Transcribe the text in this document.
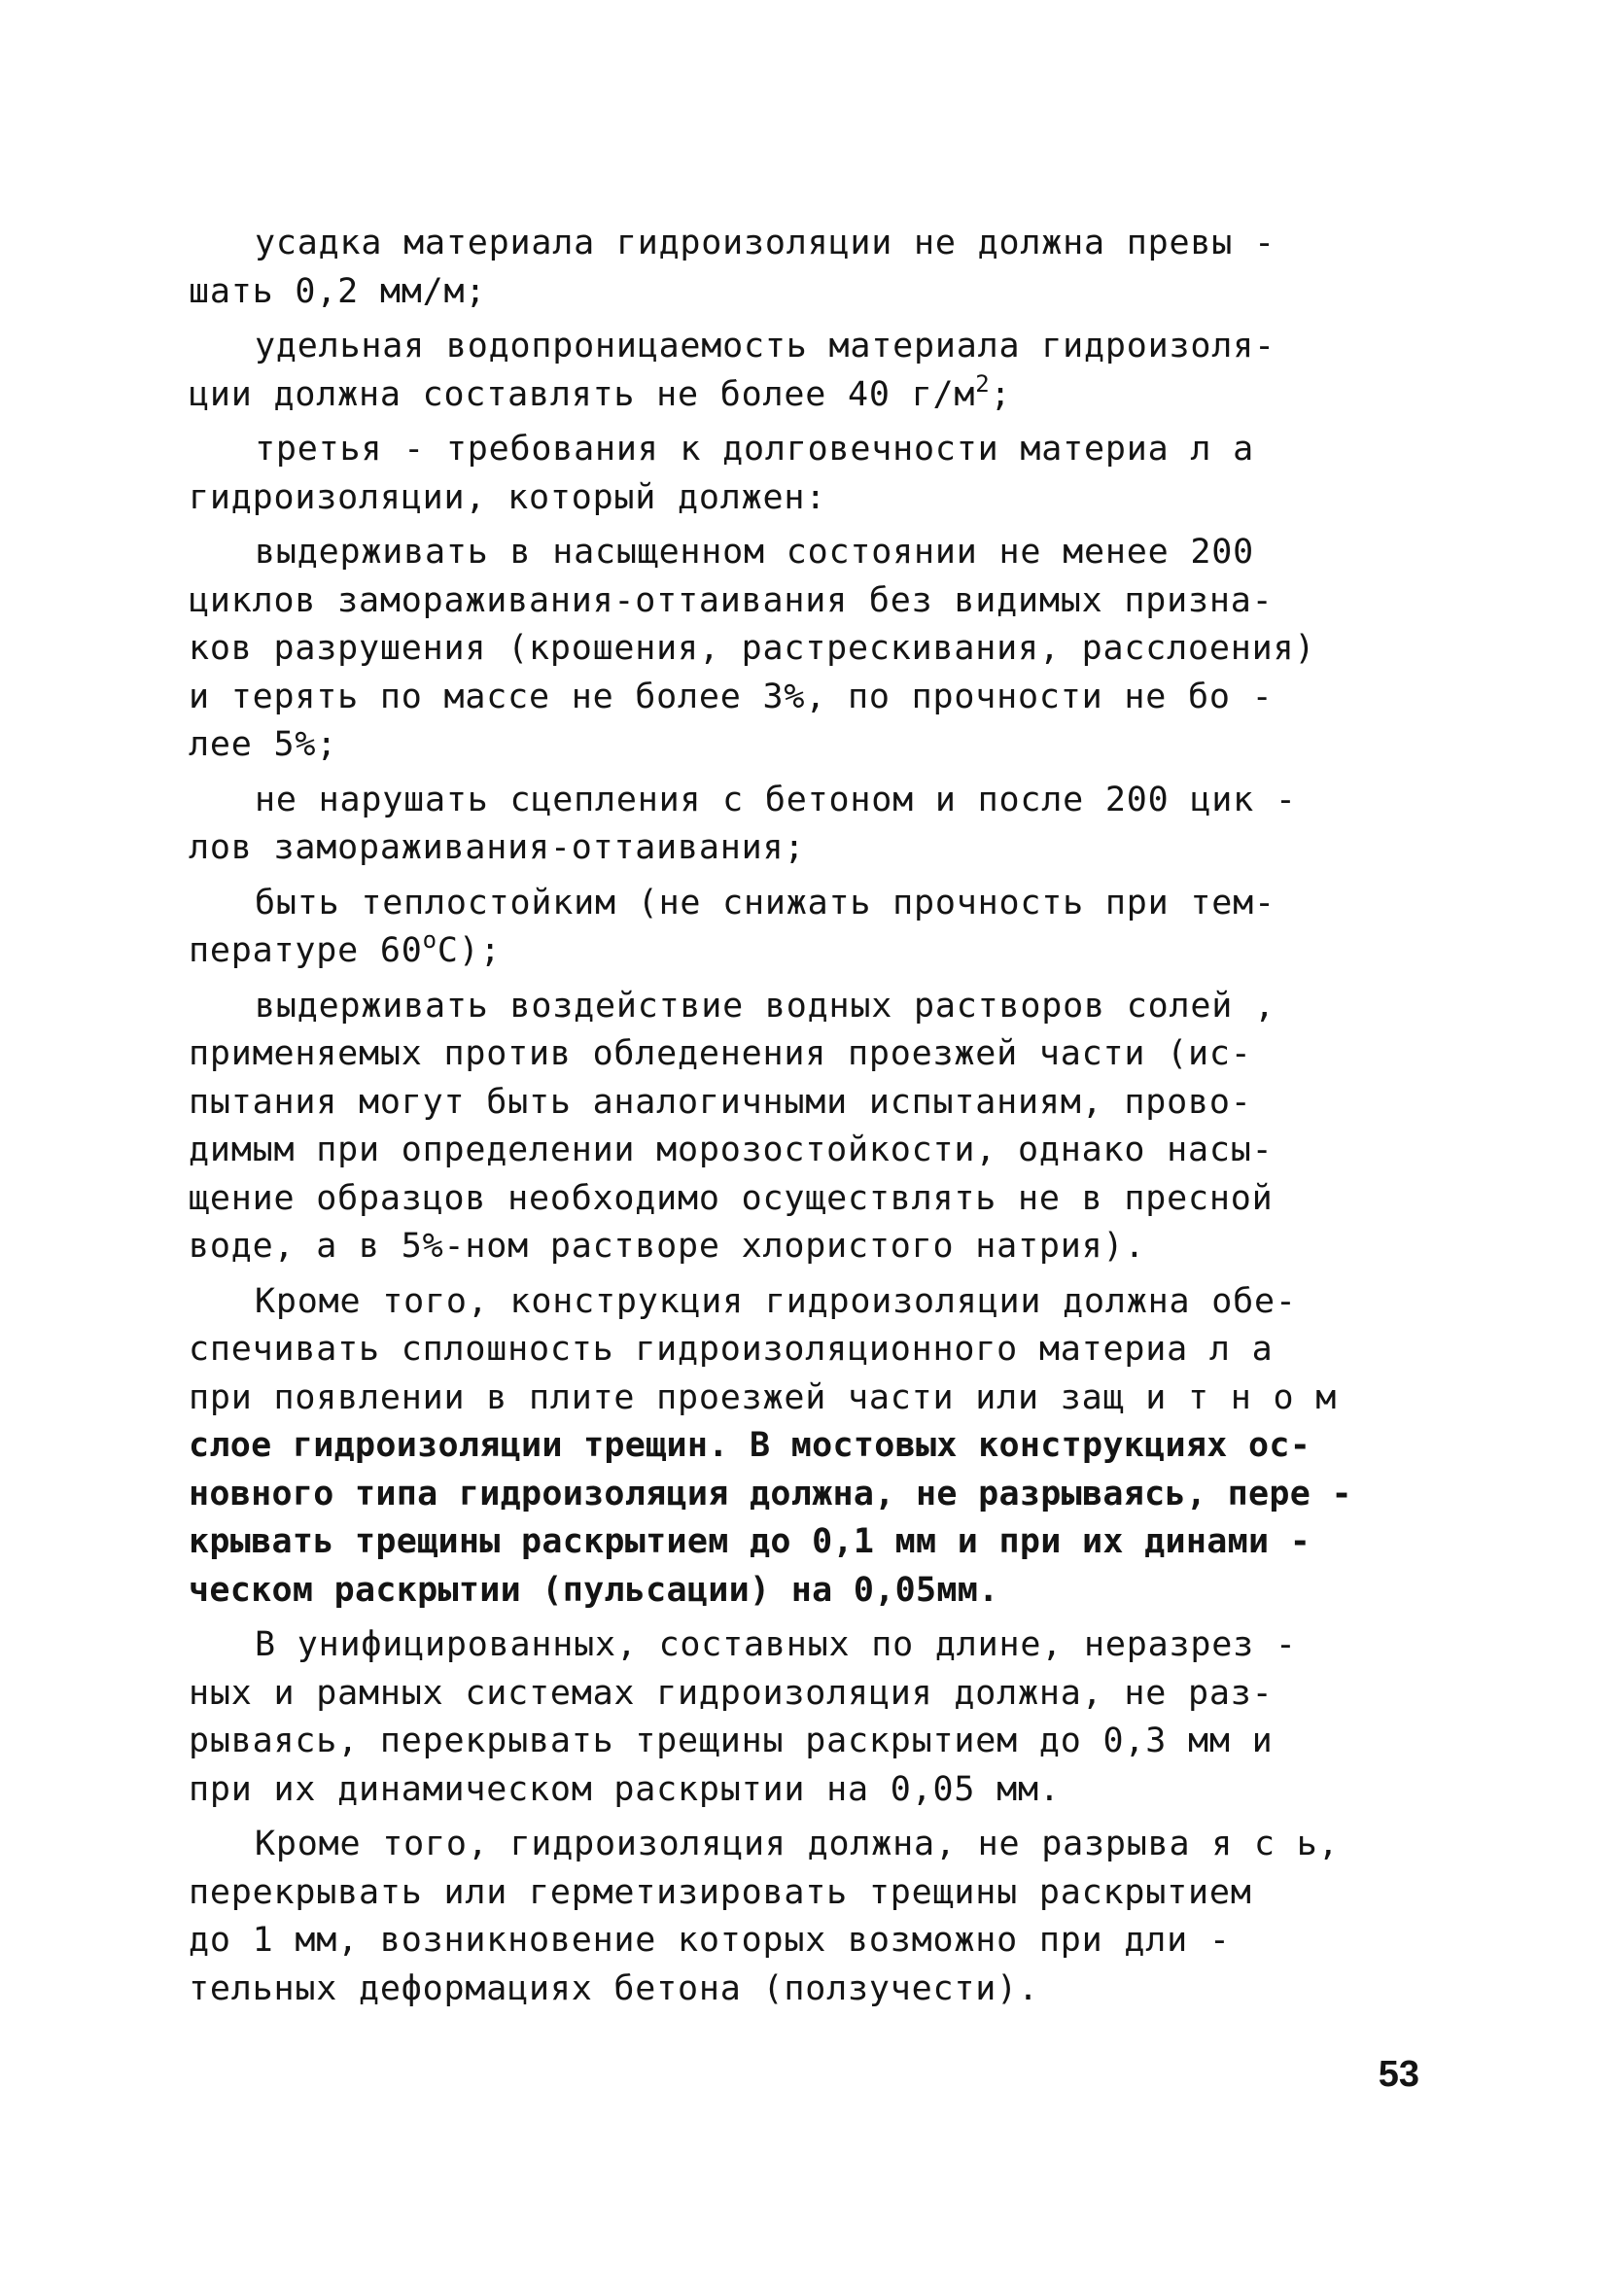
усадка материала гидроизоляции не должна превы -
шать 0,2 мм/м;
удельная водопроницаемость материала гидроизоля-
ции должна составлять не более 40 $г/м^2$;
третья - требования к долговечности материа л а
гидроизоляции, который должен:
выдерживать в насыщенном состоянии не менее 200
циклов замораживания-оттаивания без видимых призна-
ков разрушения (крошения, растрескивания, расслоения)
и терять по массе не более 3%, по прочности не бо -
лее 5%;
не нарушать сцепления с бетоном и после 200 цик -
лов замораживания-оттаивания;
быть теплостойким (не снижать прочность при тем-
пературе $60^оС$);
выдерживать воздействие водных растворов солей ,
применяемых против обледенения проезжей части (ис-
пытания могут быть аналогичными испытаниям, прово-
димым при определении морозостойкости, однако насы-
щение образцов необходимо осуществлять не в пресной
воде, а в 5%-ном растворе хлористого натрия).
Кроме того, конструкция гидроизоляции должна обе-
спечивать сплошность гидроизоляционного материа л а
при появлении в плите проезжей части или защ и т н о м
слое гидроизоляции трещин. В мостовых конструкциях ос-
новного типа гидроизоляция должна, не разрываясь, пере -
крывать трещины раскрытием до 0,1 мм и при их динами -
ческом раскрытии (пульсации) на 0,05мм.
В унифицированных, составных по длине, неразрез -
ных и рамных системах гидроизоляция должна, не раз-
рываясь, перекрывать трещины раскрытием до 0,3 мм и
при их динамическом раскрытии на 0,05 мм.
Кроме того, гидроизоляция должна, не разрыва я с ь,
перекрывать или герметизировать трещины раскрытием
до 1 мм, возникновение которых возможно при дли -
тельных деформациях бетона (ползучести).
53
